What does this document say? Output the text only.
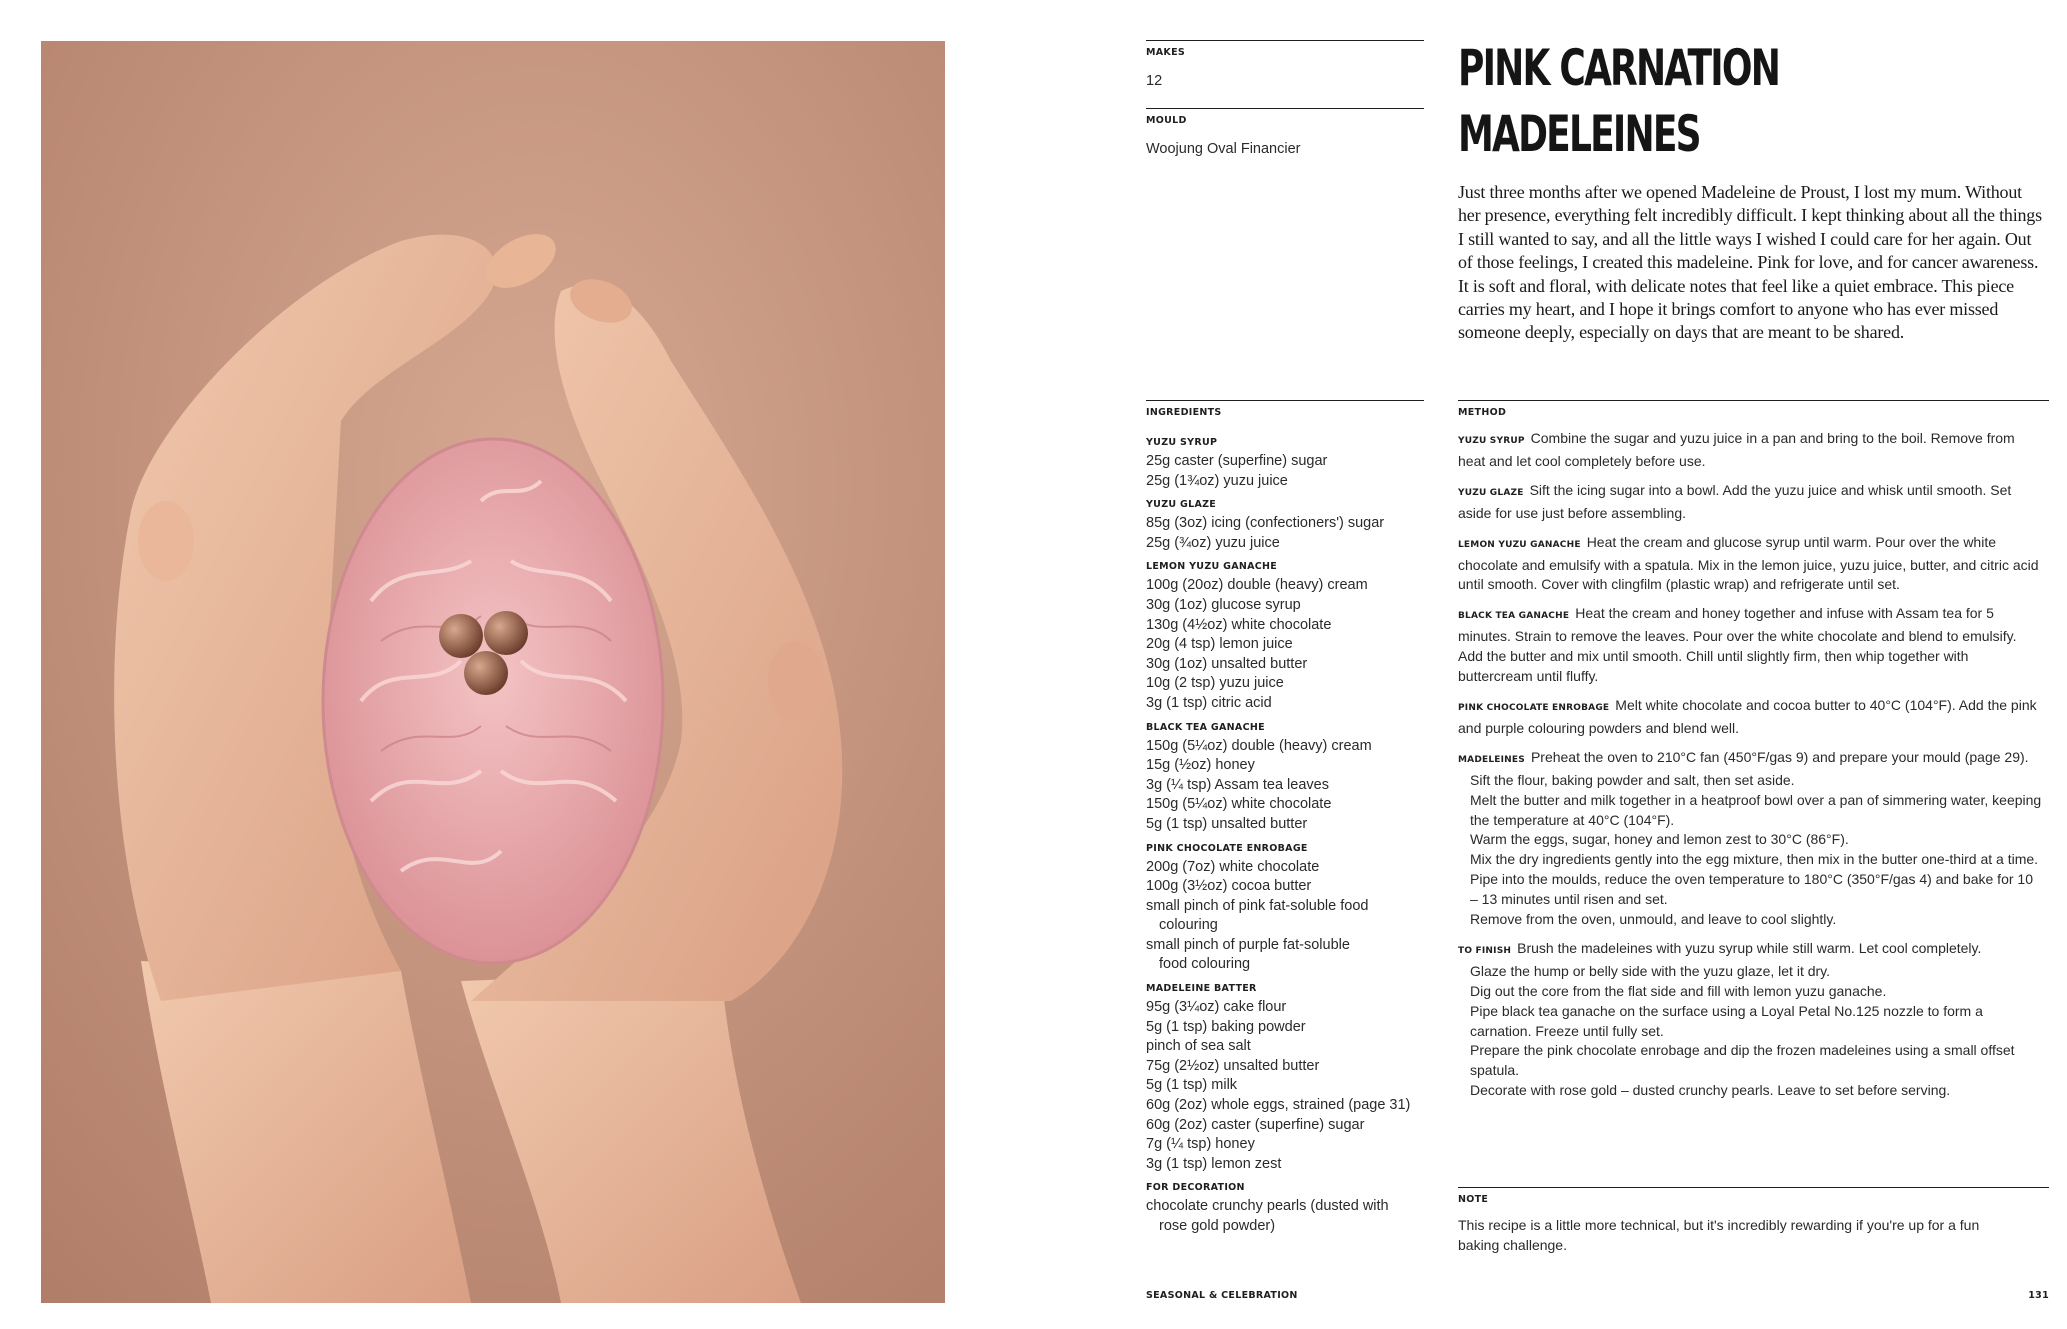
MAKES
12
MOULD
Woojung Oval Financier
PINK CARNATION
MADELEINES

Just three months after we opened Madeleine de Proust, I lost my mum. Without her presence, everything felt incredibly difficult. I kept thinking about all the things I still wanted to say, and all the little ways I wished I could care for her again. Out of those feelings, I created this madeleine. Pink for love, and for cancer awareness. It is soft and floral, with delicate notes that feel like a quiet embrace. This piece carries my heart, and I hope it brings comfort to anyone who has ever missed someone deeply, especially on days that are meant to be shared.

INGREDIENTS	METHOD
YUZU SYRUP
25g caster (superfine) sugar
25g (1¾oz) yuzu juice
YUZU GLAZE
85g (3oz) icing (confectioners') sugar
25g (¾oz) yuzu juice
LEMON YUZU GANACHE
100g (20oz) double (heavy) cream
30g (1oz) glucose syrup
130g (4½oz) white chocolate
20g (4 tsp) lemon juice
30g (1oz) unsalted butter
10g (2 tsp) yuzu juice
3g (1 tsp) citric acid
BLACK TEA GANACHE
150g (5¼oz) double (heavy) cream
15g (½oz) honey
3g (¼ tsp) Assam tea leaves
150g (5¼oz) white chocolate
5g (1 tsp) unsalted butter
PINK CHOCOLATE ENROBAGE
200g (7oz) white chocolate
100g (3½oz) cocoa butter
small pinch of pink fat-soluble food
colouring
small pinch of purple fat-soluble
food colouring
MADELEINE BATTER
95g (3¼oz) cake flour
5g (1 tsp) baking powder
pinch of sea salt
75g (2½oz) unsalted butter
5g (1 tsp) milk
60g (2oz) whole eggs, strained (page 31)
60g (2oz) caster (superfine) sugar
7g (¼ tsp) honey
3g (1 tsp) lemon zest
FOR DECORATION
chocolate crunchy pearls (dusted with
rose gold powder)
YUZU SYRUP Combine the sugar and yuzu juice in a pan and bring to the boil. Remove from heat and let cool completely before use.
YUZU GLAZE Sift the icing sugar into a bowl. Add the yuzu juice and whisk until smooth. Set aside for use just before assembling.
LEMON YUZU GANACHE Heat the cream and glucose syrup until warm. Pour over the white chocolate and emulsify with a spatula. Mix in the lemon juice, yuzu juice, butter, and citric acid until smooth. Cover with clingfilm (plastic wrap) and refrigerate until set.
BLACK TEA GANACHE Heat the cream and honey together and infuse with Assam tea for 5 minutes. Strain to remove the leaves. Pour over the white chocolate and blend to emulsify. Add the butter and mix until smooth. Chill until slightly firm, then whip together with buttercream until fluffy.
PINK CHOCOLATE ENROBAGE Melt white chocolate and cocoa butter to 40°C (104°F). Add the pink and purple colouring powders and blend well.
MADELEINES Preheat the oven to 210°C fan (450°F/gas 9) and prepare your mould (page 29).
Sift the flour, baking powder and salt, then set aside.
Melt the butter and milk together in a heatproof bowl over a pan of simmering water, keeping the temperature at 40°C (104°F).
Warm the eggs, sugar, honey and lemon zest to 30°C (86°F).
Mix the dry ingredients gently into the egg mixture, then mix in the butter one-third at a time.
Pipe into the moulds, reduce the oven temperature to 180°C (350°F/gas 4) and bake for 10 – 13 minutes until risen and set.
Remove from the oven, unmould, and leave to cool slightly.
TO FINISH Brush the madeleines with yuzu syrup while still warm. Let cool completely.
Glaze the hump or belly side with the yuzu glaze, let it dry.
Dig out the core from the flat side and fill with lemon yuzu ganache.
Pipe black tea ganache on the surface using a Loyal Petal No.125 nozzle to form a carnation. Freeze until fully set.
Prepare the pink chocolate enrobage and dip the frozen madeleines using a small offset spatula.
Decorate with rose gold – dusted crunchy pearls. Leave to set before serving.
NOTE
This recipe is a little more technical, but it's incredibly rewarding if you're up for a fun baking challenge.
SEASONAL & CELEBRATION	131
